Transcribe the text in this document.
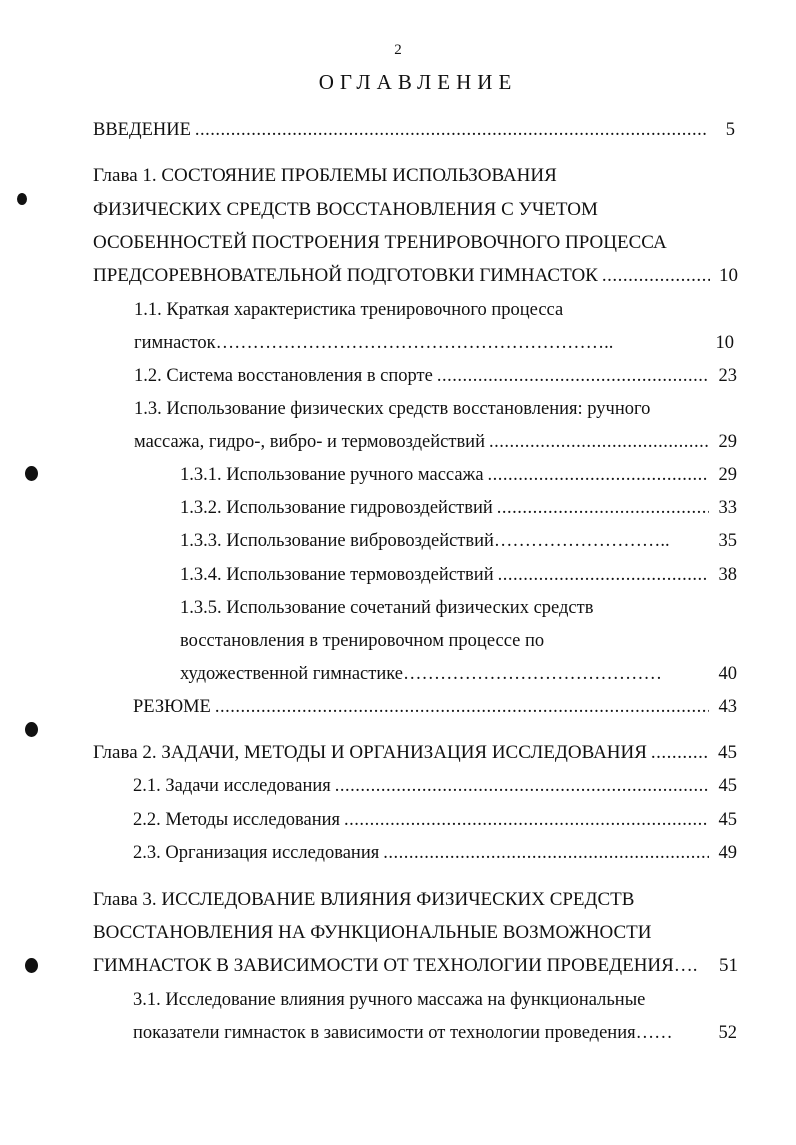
2
ОГЛАВЛЕНИЕ
ВВЕДЕНИЕ .....	5
Глава 1. СОСТОЯНИЕ ПРОБЛЕМЫ ИСПОЛЬЗОВАНИЯ
ФИЗИЧЕСКИХ СРЕДСТВ ВОССТАНОВЛЕНИЯ С УЧЕТОМ
ОСОБЕННОСТЕЙ ПОСТРОЕНИЯ ТРЕНИРОВОЧНОГО ПРОЦЕССА
ПРЕДСОРЕВНОВАТЕЛЬНОЙ ПОДГОТОВКИ ГИМНАСТОК .....	10
1.1. Краткая характеристика тренировочного процесса
гимнасток………………………………………………………..	10
1.2. Система восстановления в спорте .....	23
1.3. Использование физических средств восстановления: ручного
массажа, гидро-, вибро- и термовоздействий .....	29
1.3.1. Использование ручного массажа .....	29
1.3.2. Использование гидровоздействий .....	33
1.3.3. Использование вибровоздействий………………………..	35
1.3.4. Использование термовоздействий .....	38
1.3.5. Использование сочетаний физических средств
восстановления в тренировочном процессе по
художественной гимнастике……………………………………	40
РЕЗЮМЕ .....	43
Глава 2. ЗАДАЧИ, МЕТОДЫ И ОРГАНИЗАЦИЯ ИССЛЕДОВАНИЯ .....	45
2.1. Задачи исследования .....	45
2.2. Методы исследования .....	45
2.3. Организация исследования .....	49
Глава 3. ИССЛЕДОВАНИЕ ВЛИЯНИЯ ФИЗИЧЕСКИХ СРЕДСТВ
ВОССТАНОВЛЕНИЯ НА ФУНКЦИОНАЛЬНЫЕ ВОЗМОЖНОСТИ
ГИМНАСТОК В ЗАВИСИМОСТИ ОТ ТЕХНОЛОГИИ ПРОВЕДЕНИЯ…. 51
3.1. Исследование влияния ручного массажа на функциональные
показатели гимнасток в зависимости от технологии проведения…… 52
